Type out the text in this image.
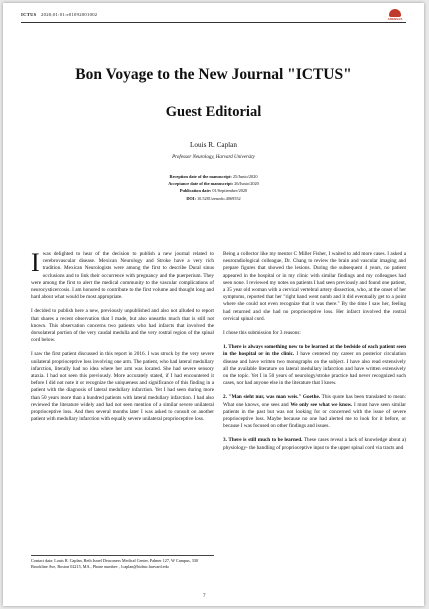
ICTUS 2020;01:01:e01092001002
ARENSAS
Bon Voyage to the New Journal "ICTUS"
Guest Editorial
Louis R. Caplan
Professor Neurology, Harvard University
Reception date of the manuscript: 25/Junio/2020
Acceptance date of the manuscript: 26/Junio/2020
Publication date: 01/Septiembre/2020
DOI: 10.5281/zenodo.4069552

Iwas delighted to hear of the decision to publish a new journal related to cerebrovascular disease. Mexican Neurology and Stroke have a very rich tradition. Mexican Neurologists were among the first to describe Dural sinus occlusions and to link their occurrence with pregnancy and the puerperium. They were among the first to alert the medical community to the vascular complications of neurocysticercosis. I am honored to contribute to the first volume and thought long and hard about what would be most appropriate.

I decided to publish here a new, previously unpublished and also not alluded to report that shares a recent observation that I made, but also unearths much that is still not known. This observation concerns two patients who had infarcts that involved the dorsolateral portion of the very caudal medulla and the very rostral region of the spinal cord below.

I saw the first patient discussed in this report in 2016. I was struck by the very severe unilateral proprioceptive loss involving one arm. The patient, who had lateral medullary infarction, literally had no idea where her arm was located. She had severe sensory ataxia. I had not seen this previously. More accurately stated, if I had encountered it before I did not note it or recognize the uniqueness and significance of this finding in a patient with the diagnosis of lateral medullary infarction. Yet I had seen during more than 50 years more than a hundred patients with lateral medullary infarction. I had also reviewed the literature widely and had not seen mention of a similar severe unilateral proprioceptive loss. And then several months later I was asked to consult on another patient with medullary infarction with equally severe unilateral proprioceptive loss.

Being a collector like my mentor C Miller Fisher, I waited to add more cases. I asked a neuroradiological colleague, Dr. Chang to review the brain and vascular imaging and prepare figures that showed the lesions. During the subsequent 4 years, no patient appeared in the hospital or in my clinic with similar findings and my colleagues had seen none. I reviewed my notes on patients I had seen previously and found one patient, a 35 year old woman with a cervical vertebral artery dissection, who, at the onset of her symptoms, reported that her "right hand went numb and it did eventually get to a point where she could not even recognize that it was there." By the time I saw her, feeling had returned and she had no proprioceptive loss. Her infarct involved the rostral cervical spinal cord.

I chose this submission for 3 reasons:

1. There is always something new to be learned at the bedside of each patient seen in the hospital or in the clinic. I have centered my career on posterior circulation disease and have written two monographs on the subject. I have also read extensively all the available literature on lateral medullary infarction and have written extensively on the topic. Yet I in 50 years of neurology/stroke practice had never recognized such cases, nor had anyone else in the literature that I knew.

2. "Man sieht nur, was man weis." Goethe. This quote has been translated to mean: What one knows, one sees and We only see what we know. I must have seen similar patients in the past but was not looking for or concerned with the issue of severe proprioceptive loss. Maybe because no one had alerted me to look for it before, or because I was focused on other findings and issues.

3. There is still much to be learned. These cases reveal a lack of knowledge about a) physiology- the handling of proprioceptive input to the upper spinal cord via tracts and

Contact data: Louis R. Caplan, Beth Israel Deaconess Medical Center, Palmer 127, W Campus, 330 Brookline Ave, Boston 02215, MA., Phone number: , lcaplan@bidmc.harvard.edu
7
